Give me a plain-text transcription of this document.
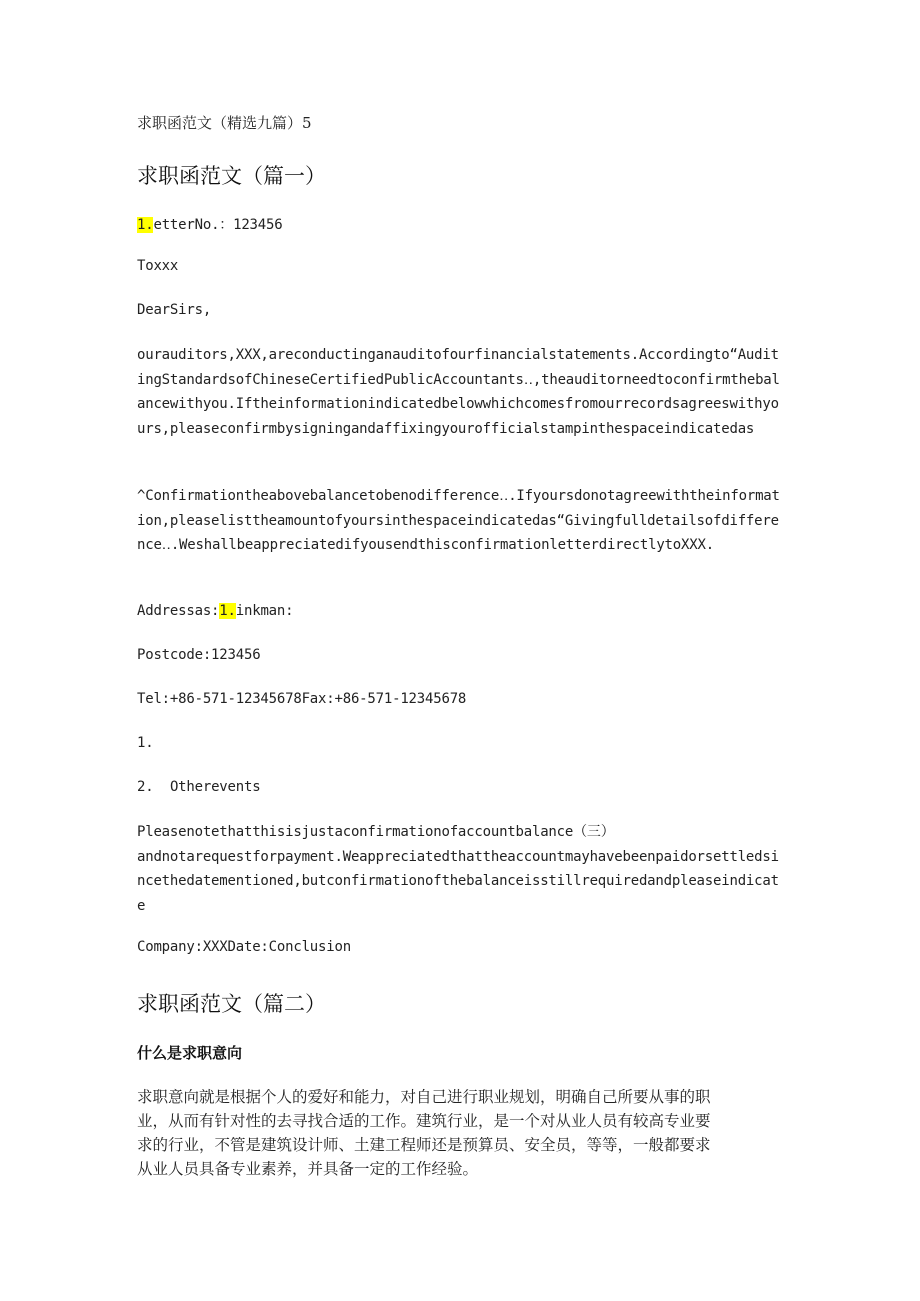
求职函范文（精选九篇）5

求职函范文（篇一）

1.etterNo.：123456

Toxxx

DearSirs,

ourauditors,XXX,areconductinganauditofourfinancialstatements.Accordingto“AuditingStandardsofChineseCertifiedPublicAccountants‥,theauditorneedtoconfirmthebalancewithyou.Iftheinformationindicatedbelowwhichcomesfromourrecordsagreeswithyours,pleaseconfirmbysigningandaffixingyourofficialstampinthespaceindicatedas

^Confirmationtheabovebalancetobenodifference‥.Ifyoursdonotagreewiththeinformation,pleaselisttheamountofyoursinthespaceindicatedas“Givingfulldetailsofdifference‥.WeshallbeappreciatedifyousendthisconfirmationletterdirectlytoXXX.

Addressas:1.inkman:

Postcode:123456

Tel:+86-571-12345678Fax:+86-571-12345678

1.

2. Otherevents

Pleasenotethatthisisjustaconfirmationofaccountbalance（三）
andnotarequestforpayment.Weappreciatedthattheaccountmayhavebeenpaidorsettledsincethedatementioned,butconfirmationofthebalanceisstillrequiredandpleaseindicate

Company:XXXDate:Conclusion

求职函范文（篇二）
什么是求职意向
求职意向就是根据个人的爱好和能力，对自己进行职业规划，明确自己所要从事的职
业，从而有针对性的去寻找合适的工作。建筑行业，是一个对从业人员有较高专业要
求的行业，不管是建筑设计师、土建工程师还是预算员、安全员，等等，一般都要求
从业人员具备专业素养，并具备一定的工作经验。
